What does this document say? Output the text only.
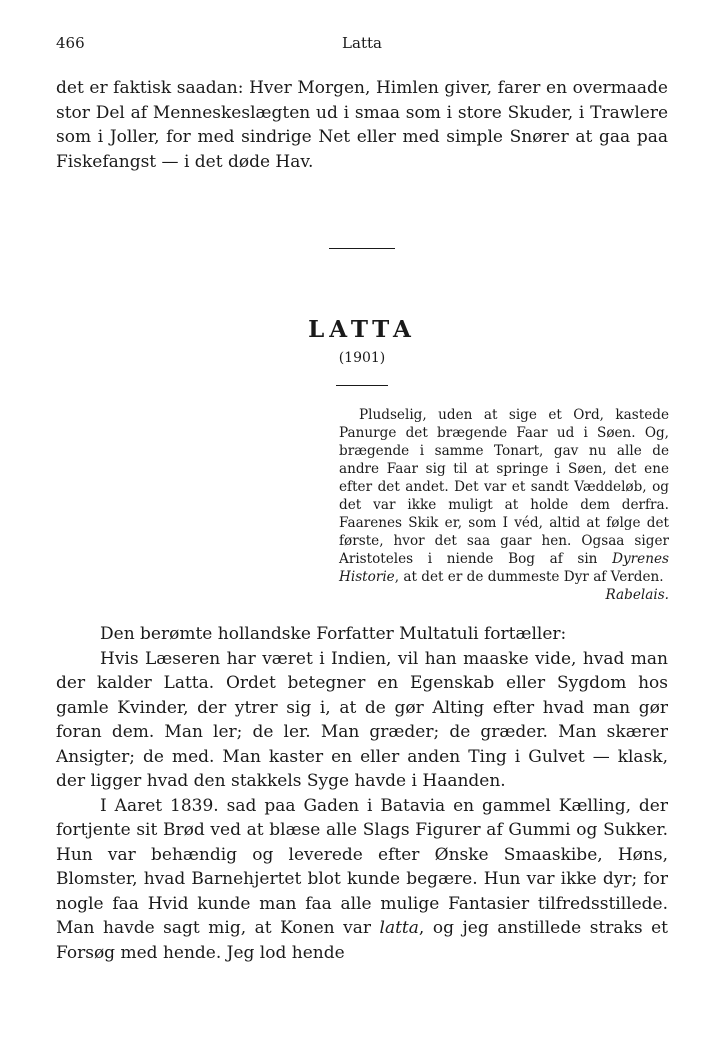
466	Latta

det er faktisk saadan: Hver Morgen, Himlen giver, farer en overmaade stor Del af Menneskeslægten ud i smaa som i store Skuder, i Trawlere som i Joller, for med sindrige Net eller med simple Snører at gaa paa Fiskefangst — i det døde Hav.

LATTA
(1901)

Pludselig, uden at sige et Ord, kastede Panurge det brægende Faar ud i Søen. Og, brægende i samme Tonart, gav nu alle de andre Faar sig til at springe i Søen, det ene efter det andet. Det var et sandt Væddeløb, og det var ikke muligt at holde dem derfra. Faarenes Skik er, som I véd, altid at følge det første, hvor det saa gaar hen. Ogsaa siger Aristoteles i niende Bog af sin Dyrenes Historie, at det er de dummeste Dyr af Verden.

Rabelais.

Den berømte hollandske Forfatter Multatuli fortæller:

Hvis Læseren har været i Indien, vil han maaske vide, hvad man der kalder Latta. Ordet betegner en Egenskab eller Sygdom hos gamle Kvinder, der ytrer sig i, at de gør Alting efter hvad man gør foran dem. Man ler; de ler. Man græder; de græder. Man skærer Ansigter; de med. Man kaster en eller anden Ting i Gulvet — klask, der ligger hvad den stakkels Syge havde i Haanden.

I Aaret 1839. sad paa Gaden i Batavia en gammel Kælling, der fortjente sit Brød ved at blæse alle Slags Figurer af Gummi og Sukker. Hun var behændig og leverede efter Ønske Smaaskibe, Høns, Blomster, hvad Barnehjertet blot kunde begære. Hun var ikke dyr; for nogle faa Hvid kunde man faa alle mulige Fantasier tilfredsstillede. Man havde sagt mig, at Konen var latta, og jeg anstillede straks et Forsøg med hende. Jeg lod hende
